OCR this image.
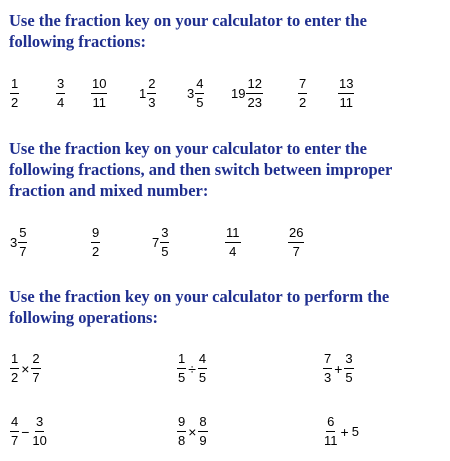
Use the fraction key on your calculator to enter the
following fractions:
$\frac{1}{2}$	$\frac{3}{4} \frac{10}{11} 1 \frac{2}{3} 3 \frac{4}{5} 19 \frac{12}{23}$	$\frac{7}{2} \frac{13}{11}$
Use the fraction key on your calculator to enter the
following fractions, and then switch between improper
fraction and mixed number:
$3 \frac{5}{7}$	$\frac{9}{2}$	$7 \frac{3}{5}$	$\frac{11}{4}$	$\frac{26}{7}$
Use the fraction key on your calculator to perform the
following operations:
$\frac{1}{2} \times \frac{2}{7}$	$\frac{1}{5} \div \frac{4}{5}$	$\frac{7}{3} + \frac{3}{5}$
$\frac{4}{7} - \frac{3}{10}$	$\frac{9}{8} \times \frac{8}{9}$	$\frac{6}{11} + 5$
